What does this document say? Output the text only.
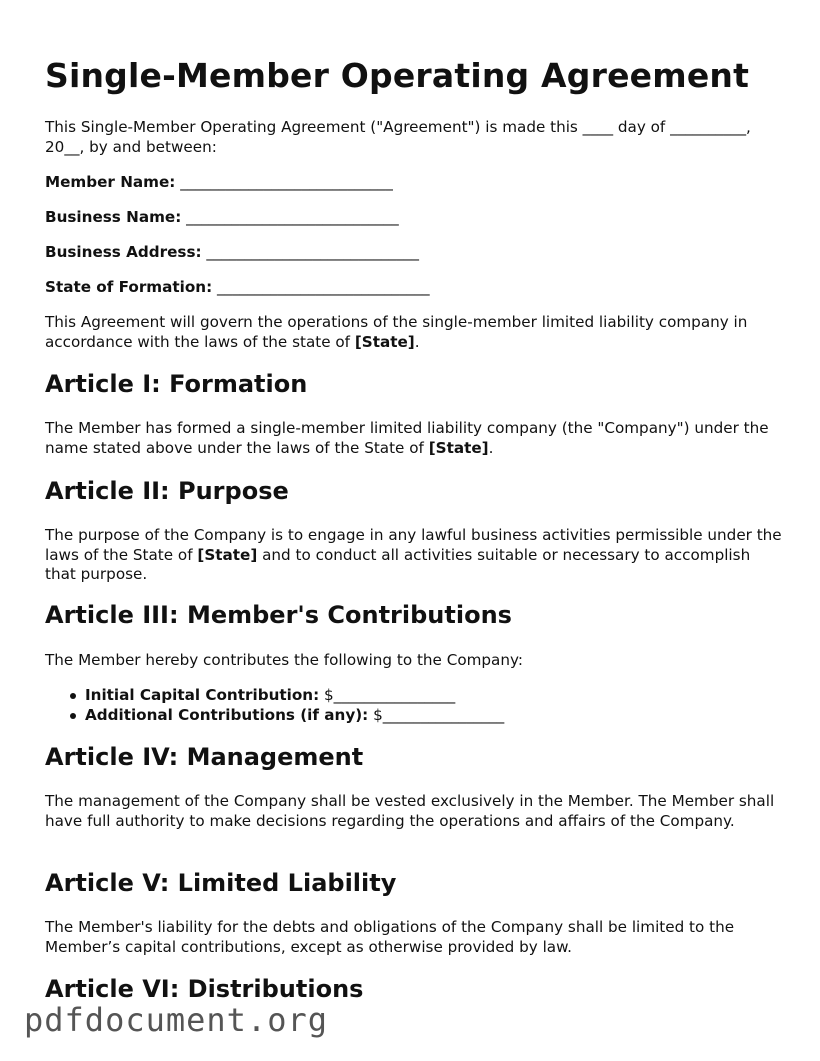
Single-Member Operating Agreement

This Single-Member Operating Agreement ("Agreement") is made this ____ day of __________, 20__, by and between:

Member Name: ____________________________
Business Name: ____________________________
Business Address: ____________________________
State of Formation: ____________________________

This Agreement will govern the operations of the single-member limited liability company in accordance with the laws of the state of [State].

Article I: Formation

The Member has formed a single-member limited liability company (the "Company") under the name stated above under the laws of the State of [State].

Article II: Purpose

The purpose of the Company is to engage in any lawful business activities permissible under the laws of the State of [State] and to conduct all activities suitable or necessary to accomplish that purpose.

Article III: Member's Contributions

The Member hereby contributes the following to the Company:

Initial Capital Contribution: $________________
Additional Contributions (if any): $________________
Article IV: Management

The management of the Company shall be vested exclusively in the Member. The Member shall have full authority to make decisions regarding the operations and affairs of the Company.

Article V: Limited Liability

The Member's liability for the debts and obligations of the Company shall be limited to the Member’s capital contributions, except as otherwise provided by law.

Article VI: Distributions
pdfdocument.org
